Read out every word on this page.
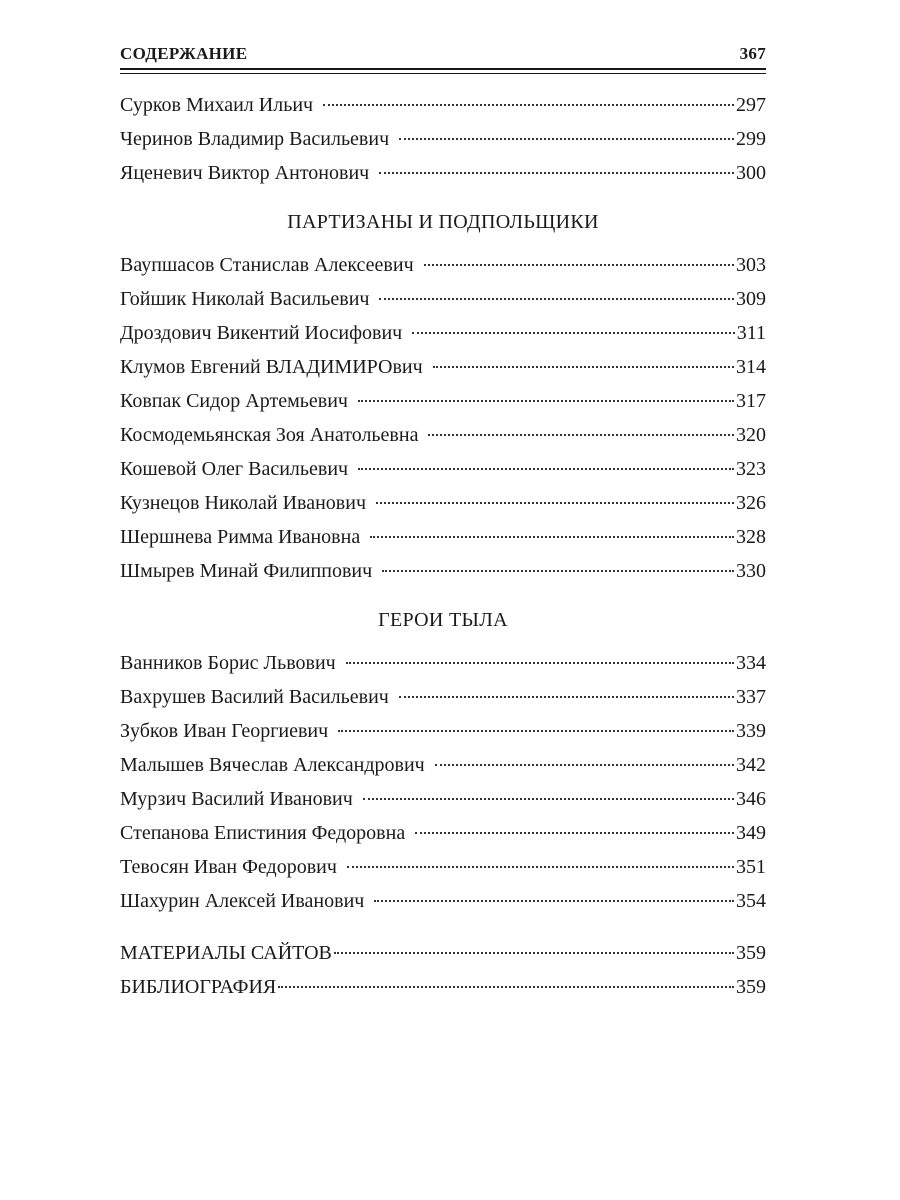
СОДЕРЖАНИЕ	367
Сурков Михаил Ильич	297
Черинов Владимир Васильевич	299
Яценевич Виктор Антонович	300
ПАРТИЗАНЫ И ПОДПОЛЬЩИКИ
Ваупшасов Станислав Алексеевич	303
Гойшик Николай Васильевич	309
Дроздович Викентий Иосифович	311
Клумов Евгений ВЛАДИМИРОвич	314
Ковпак Сидор Артемьевич	317
Космодемьянская Зоя Анатольевна	320
Кошевой Олег Васильевич	323
Кузнецов Николай Иванович	326
Шершнева Римма Ивановна	328
Шмырев Минай Филиппович	330
ГЕРОИ ТЫЛА
Ванников Борис Львович	334
Вахрушев Василий Васильевич	337
Зубков Иван Георгиевич	339
Малышев Вячеслав Александрович	342
Мурзич Василий Иванович	346
Степанова Епистиния Федоровна	349
Тевосян Иван Федорович	351
Шахурин Алексей Иванович	354
МАТЕРИАЛЫ САЙТОВ	359
БИБЛИОГРАФИЯ	359
